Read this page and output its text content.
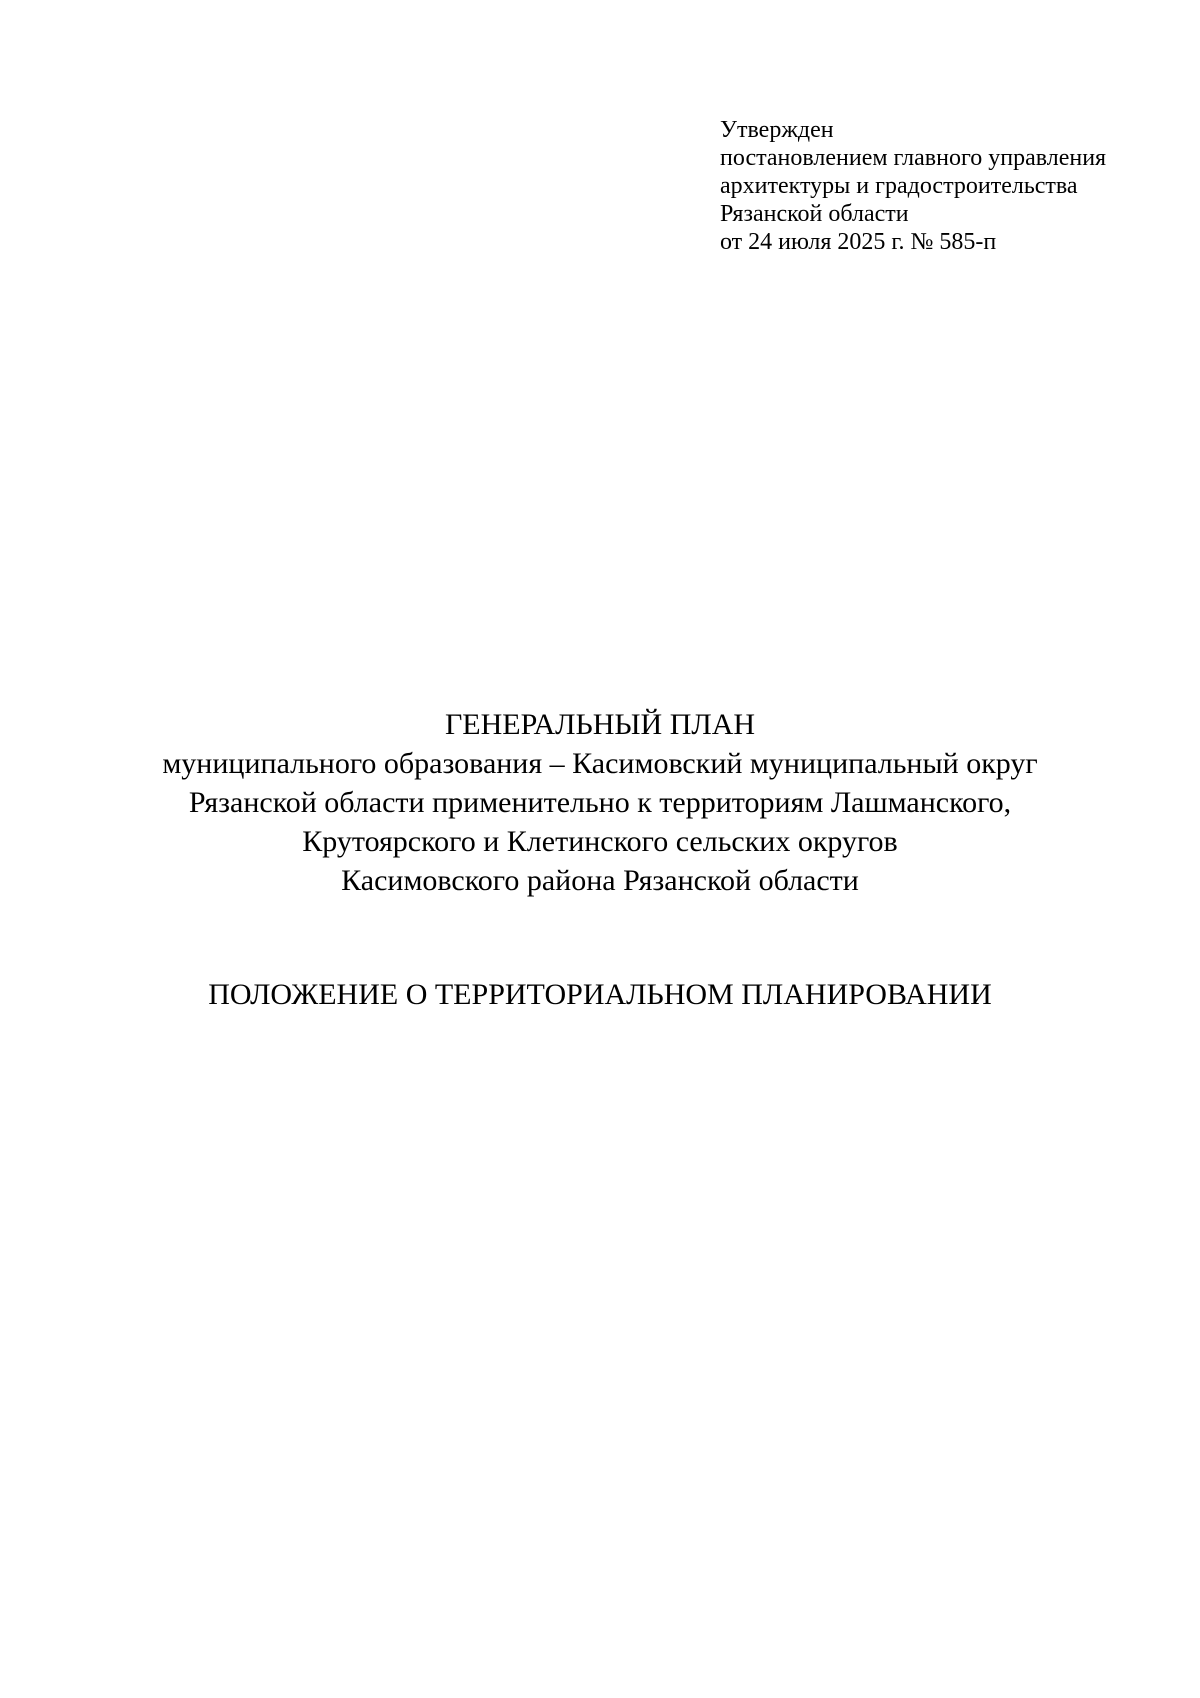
Утвержден
постановлением главного управления
архитектуры и градостроительства
Рязанской области
от 24 июля 2025 г. № 585-п
ГЕНЕРАЛЬНЫЙ ПЛАН
муниципального образования – Касимовский муниципальный округ
Рязанской области применительно к территориям Лашманского,
Крутоярского и Клетинского сельских округов
Касимовского района Рязанской области
ПОЛОЖЕНИЕ О ТЕРРИТОРИАЛЬНОМ ПЛАНИРОВАНИИ
